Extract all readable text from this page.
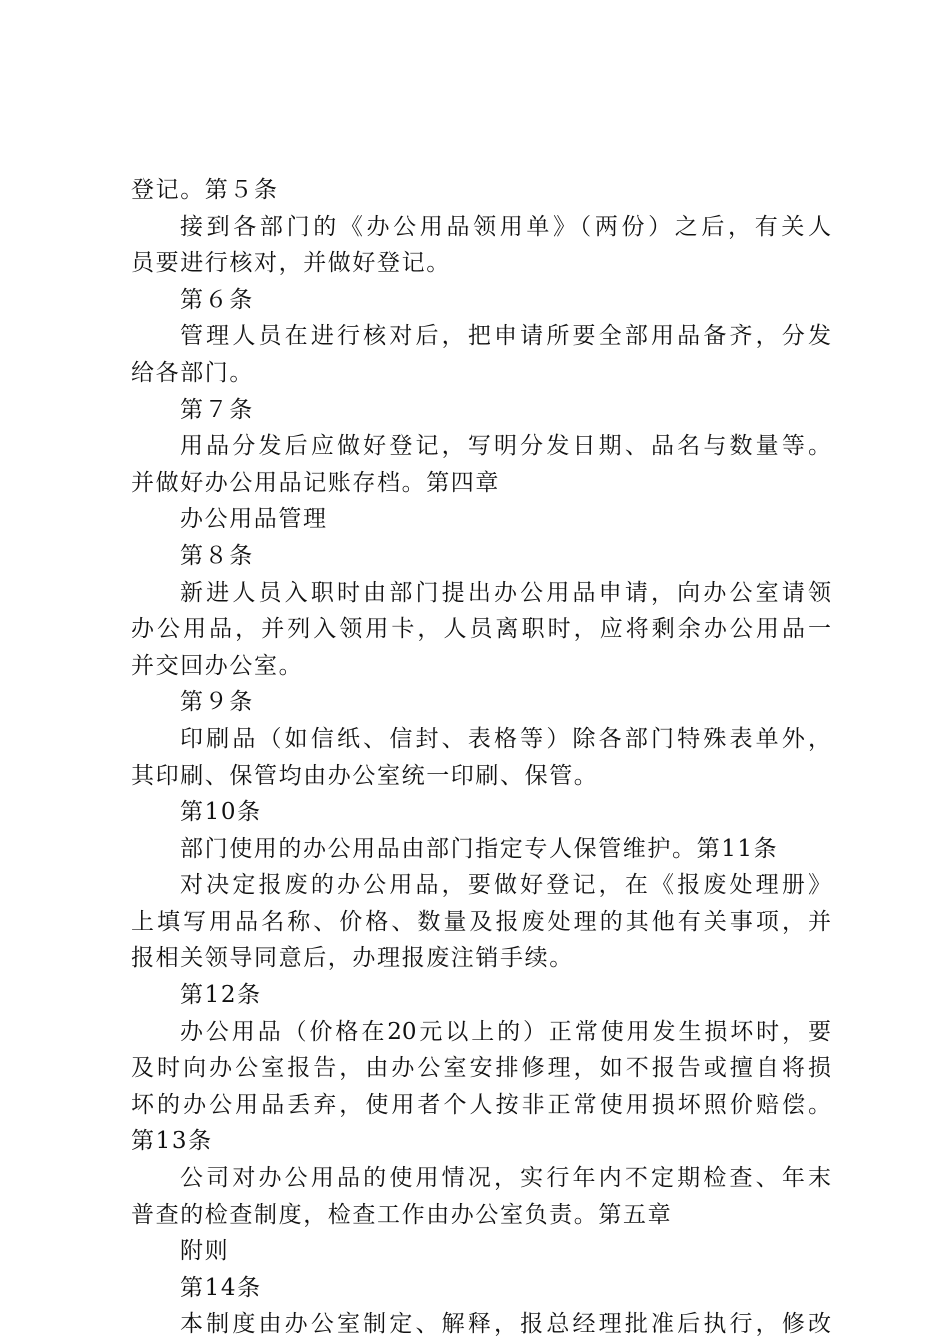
登记。第５条
接到各部门的《办公用品领用单》（两份）之后，有关人
员要进行核对，并做好登记。
第６条
管理人员在进行核对后，把申请所要全部用品备齐，分发
给各部门。
第７条
用品分发后应做好登记，写明分发日期、品名与数量等。
并做好办公用品记账存档。第四章
办公用品管理
第８条
新进人员入职时由部门提出办公用品申请，向办公室请领
办公用品，并列入领用卡，人员离职时，应将剩余办公用品一
并交回办公室。
第９条
印刷品（如信纸、信封、表格等）除各部门特殊表单外，
其印刷、保管均由办公室统一印刷、保管。
第10条
部门使用的办公用品由部门指定专人保管维护。第11条
对决定报废的办公用品，要做好登记，在《报废处理册》
上填写用品名称、价格、数量及报废处理的其他有关事项，并
报相关领导同意后，办理报废注销手续。
第12条
办公用品（价格在20元以上的）正常使用发生损坏时，要
及时向办公室报告，由办公室安排修理，如不报告或擅自将损
坏的办公用品丢弃，使用者个人按非正常使用损坏照价赔偿。
第13条
公司对办公用品的使用情况，实行年内不定期检查、年末
普查的检查制度，检查工作由办公室负责。第五章
附则
第14条
本制度由办公室制定、解释，报总经理批准后执行，修改
